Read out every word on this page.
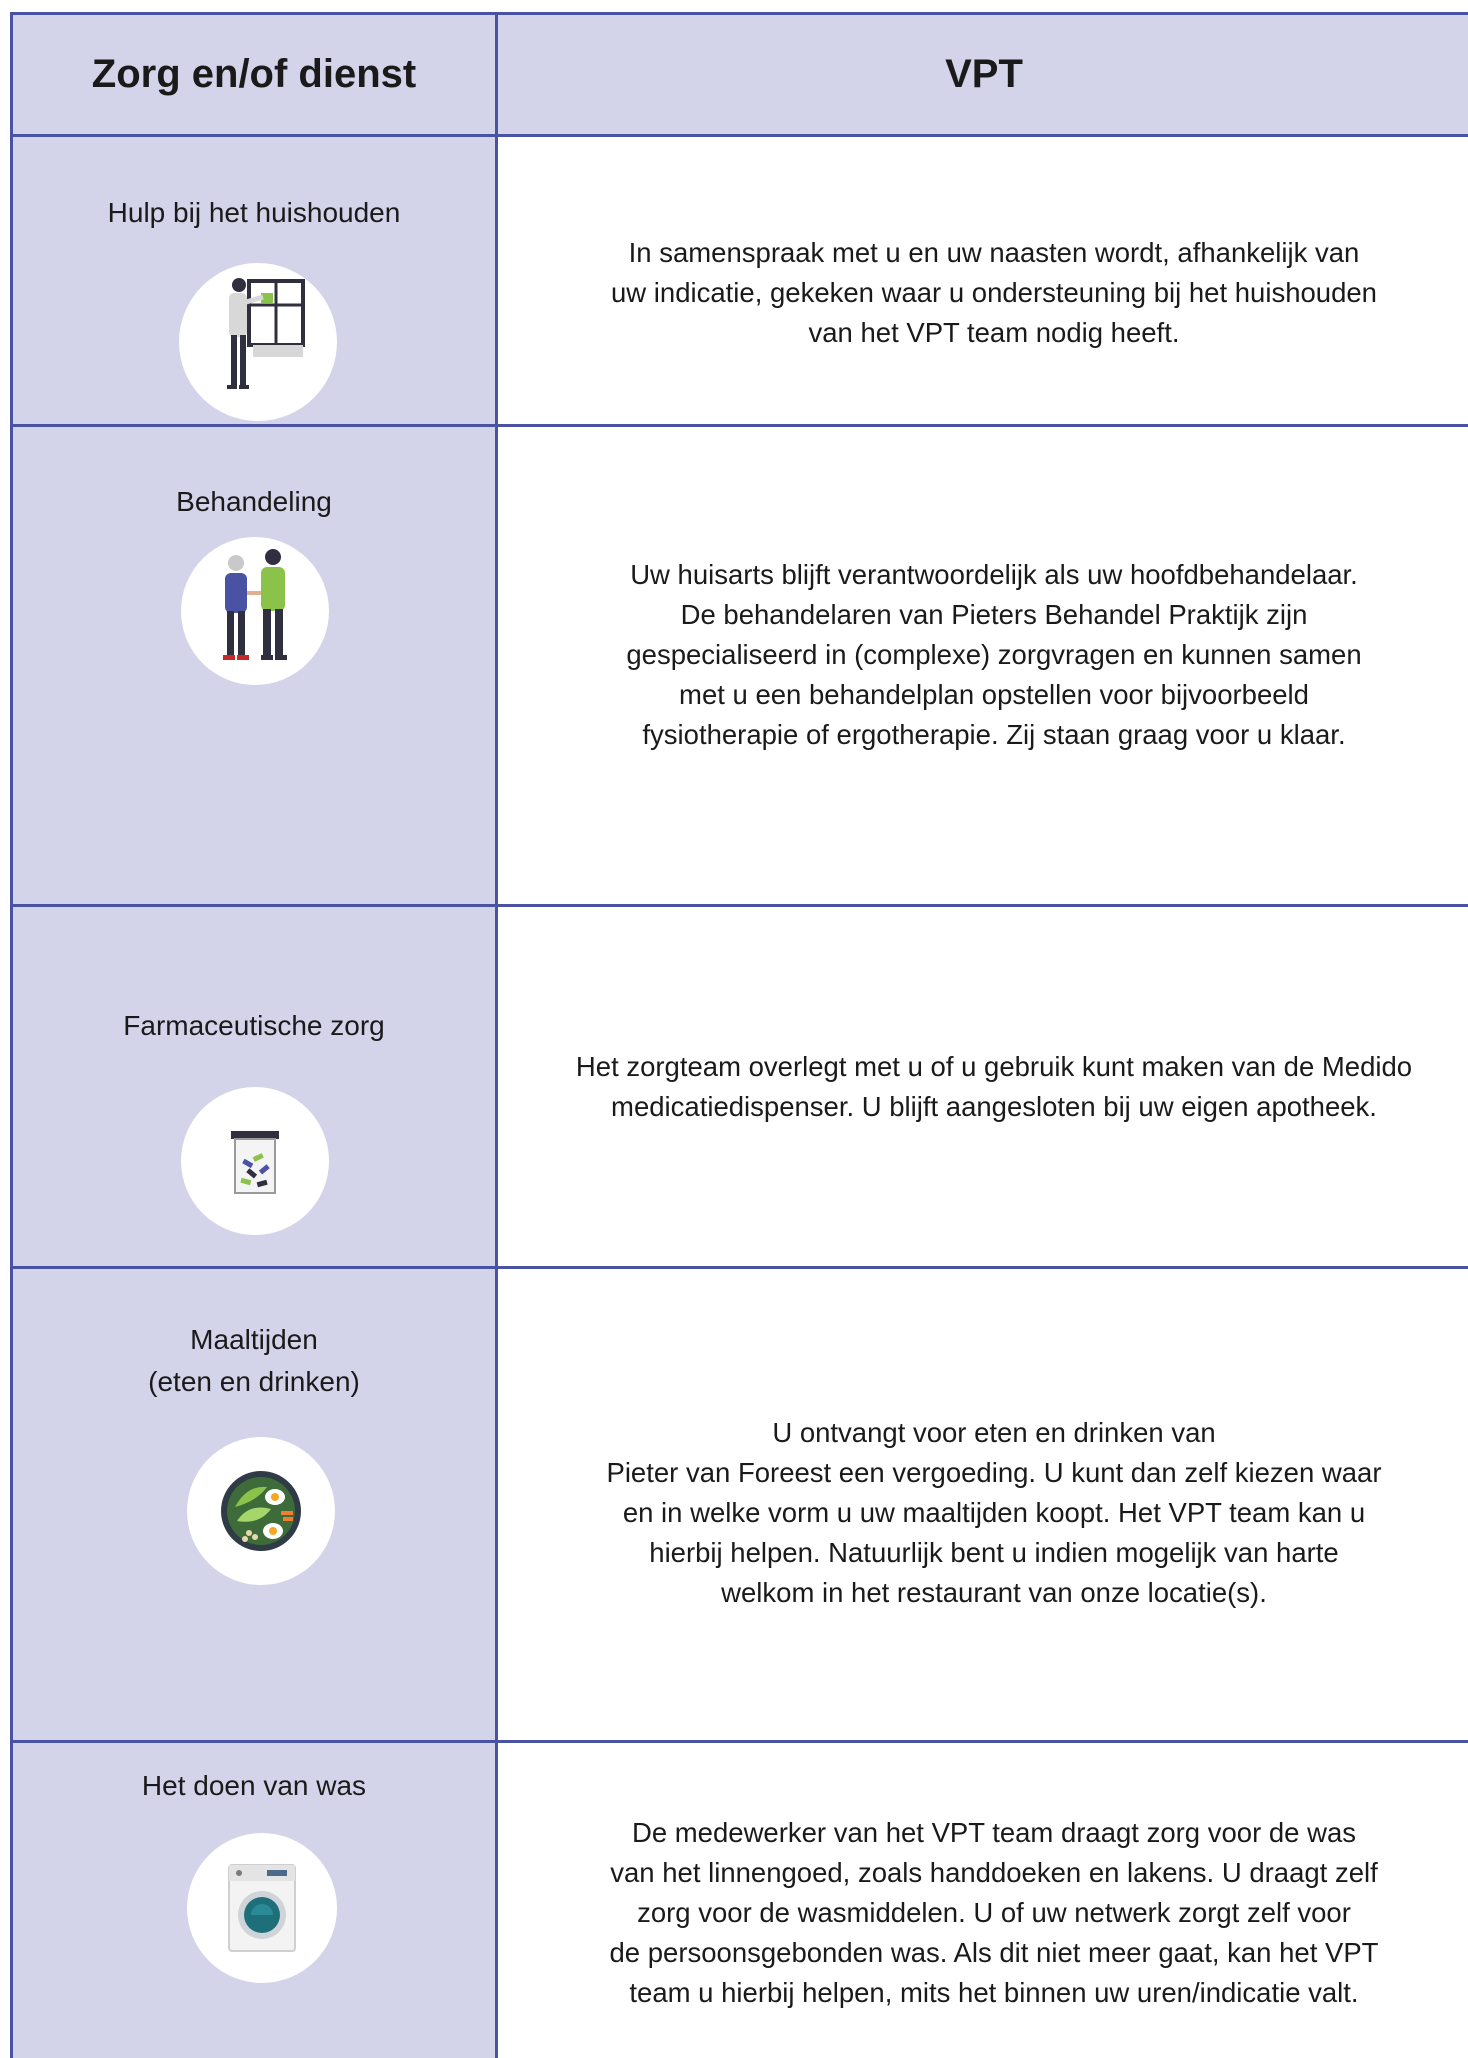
Zorg en/of dienst	VPT
Hulp bij het huishouden
In samenspraak met u en uw naasten wordt, afhankelijk van
uw indicatie, gekeken waar u ondersteuning bij het huishouden
van het VPT team nodig heeft.
Behandeling
Uw huisarts blijft verantwoordelijk als uw hoofdbehandelaar.
De behandelaren van Pieters Behandel Praktijk zijn
gespecialiseerd in (complexe) zorgvragen en kunnen samen
met u een behandelplan opstellen voor bijvoorbeeld
fysiotherapie of ergotherapie. Zij staan graag voor u klaar.
Farmaceutische zorg
Het zorgteam overlegt met u of u gebruik kunt maken van de Medido
medicatiedispenser. U blijft aangesloten bij uw eigen apotheek.
Maaltijden
(eten en drinken)
U ontvangt voor eten en drinken van
Pieter van Foreest een vergoeding. U kunt dan zelf kiezen waar
en in welke vorm u uw maaltijden koopt. Het VPT team kan u
hierbij helpen. Natuurlijk bent u indien mogelijk van harte
welkom in het restaurant van onze locatie(s).
Het doen van was
De medewerker van het VPT team draagt zorg voor de was
van het linnengoed, zoals handdoeken en lakens. U draagt zelf
zorg voor de wasmiddelen. U of uw netwerk zorgt zelf voor
de persoonsgebonden was. Als dit niet meer gaat, kan het VPT
team u hierbij helpen, mits het binnen uw uren/indicatie valt.
